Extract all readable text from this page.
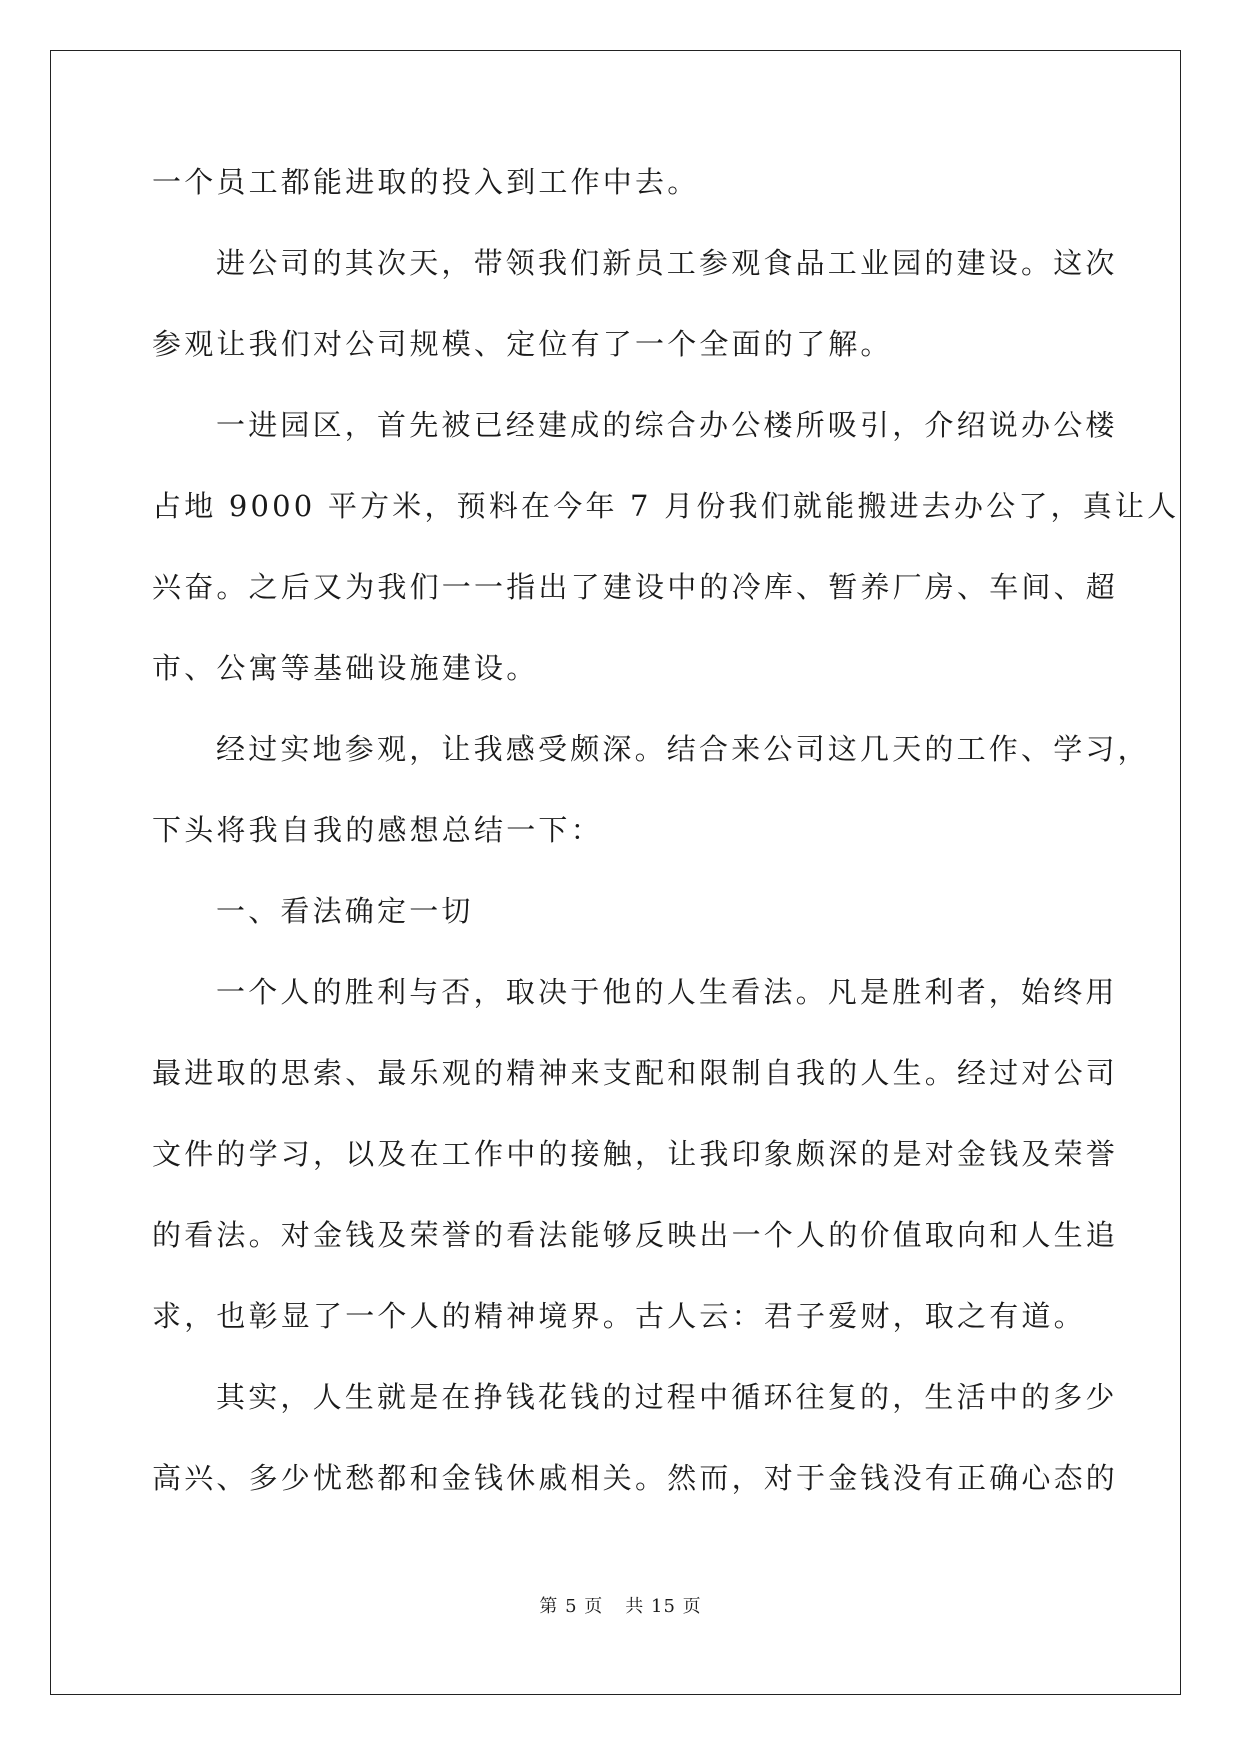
一个员工都能进取的投入到工作中去。
进公司的其次天，带领我们新员工参观食品工业园的建设。这次
参观让我们对公司规模、定位有了一个全面的了解。
一进园区，首先被已经建成的综合办公楼所吸引，介绍说办公楼
占地 9000 平方米，预料在今年 7 月份我们就能搬进去办公了，真让人
兴奋。之后又为我们一一指出了建设中的冷库、暂养厂房、车间、超
市、公寓等基础设施建设。
经过实地参观，让我感受颇深。结合来公司这几天的工作、学习，
下头将我自我的感想总结一下：
一、看法确定一切
一个人的胜利与否，取决于他的人生看法。凡是胜利者，始终用
最进取的思索、最乐观的精神来支配和限制自我的人生。经过对公司
文件的学习，以及在工作中的接触，让我印象颇深的是对金钱及荣誉
的看法。对金钱及荣誉的看法能够反映出一个人的价值取向和人生追
求，也彰显了一个人的精神境界。古人云：君子爱财，取之有道。
其实，人生就是在挣钱花钱的过程中循环往复的，生活中的多少
高兴、多少忧愁都和金钱休戚相关。然而，对于金钱没有正确心态的
第 5 页 共 15 页
